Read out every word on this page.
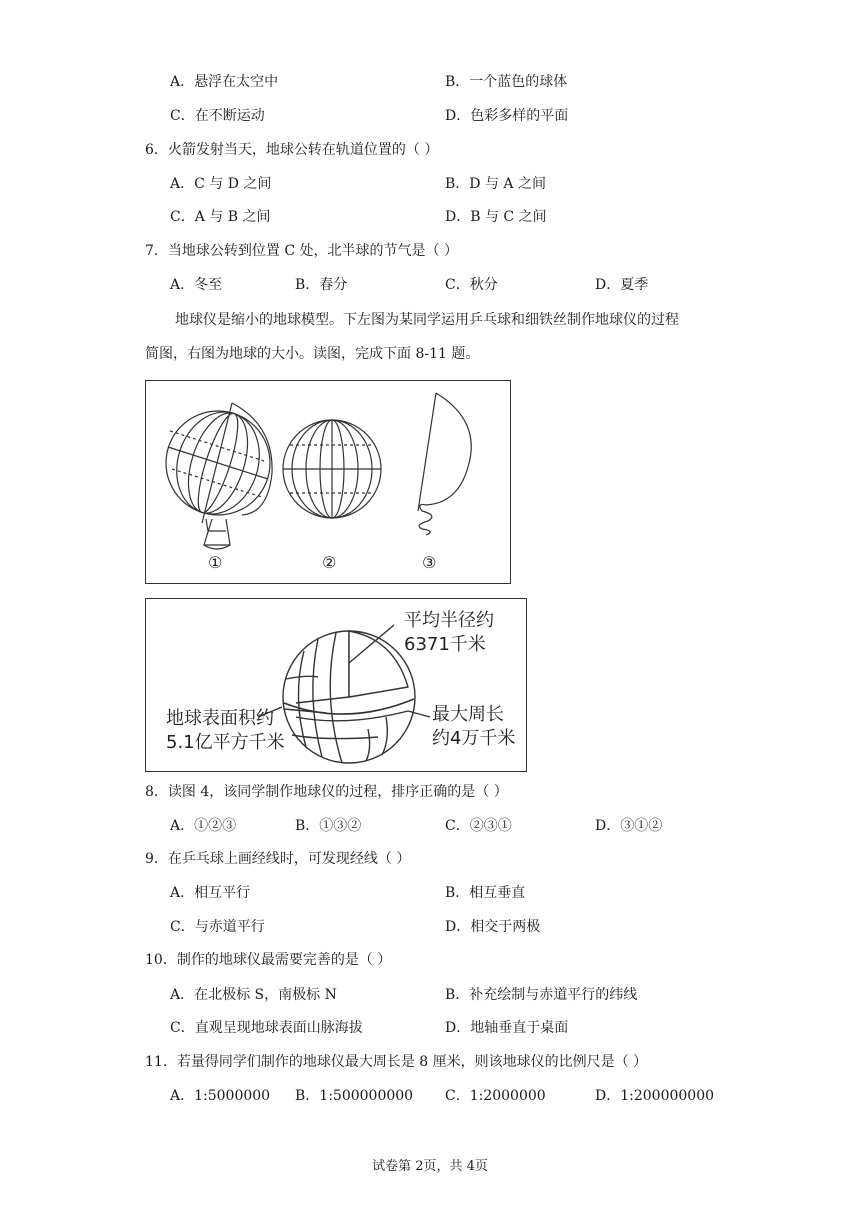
A．悬浮在太空中	B．一个蓝色的球体
C．在不断运动	D．色彩多样的平面
6．火箭发射当天，地球公转在轨道位置的（ ）
A．C 与 D 之间	B．D 与 A 之间
C．A 与 B 之间	D．B 与 C 之间
7．当地球公转到位置 C 处，北半球的节气是（ ）
A．冬至	B．春分	C．秋分	D．夏季
地球仪是缩小的地球模型。下左图为某同学运用乒乓球和细铁丝制作地球仪的过程
简图，右图为地球的大小。读图，完成下面 8-11 题。
①	②	③
平均半径约
6371千米
地球表面积约
5.1亿平方千米
最大周长
约4万千米
8．读图 4，该同学制作地球仪的过程，排序正确的是（ ）
A．①②③	B．①③②	C．②③①	D．③①②
9．在乒乓球上画经线时，可发现经线（ ）
A．相互平行	B．相互垂直
C．与赤道平行	D．相交于两极
10．制作的地球仪最需要完善的是（ ）
A．在北极标 S，南极标 N	B．补充绘制与赤道平行的纬线
C．直观呈现地球表面山脉海拔	D．地轴垂直于桌面
11．若量得同学们制作的地球仪最大周长是 8 厘米，则该地球仪的比例尺是（ ）
A．1:5000000 B．1:500000000 C．1:2000000	D．1:200000000
试卷第 2页，共 4页
